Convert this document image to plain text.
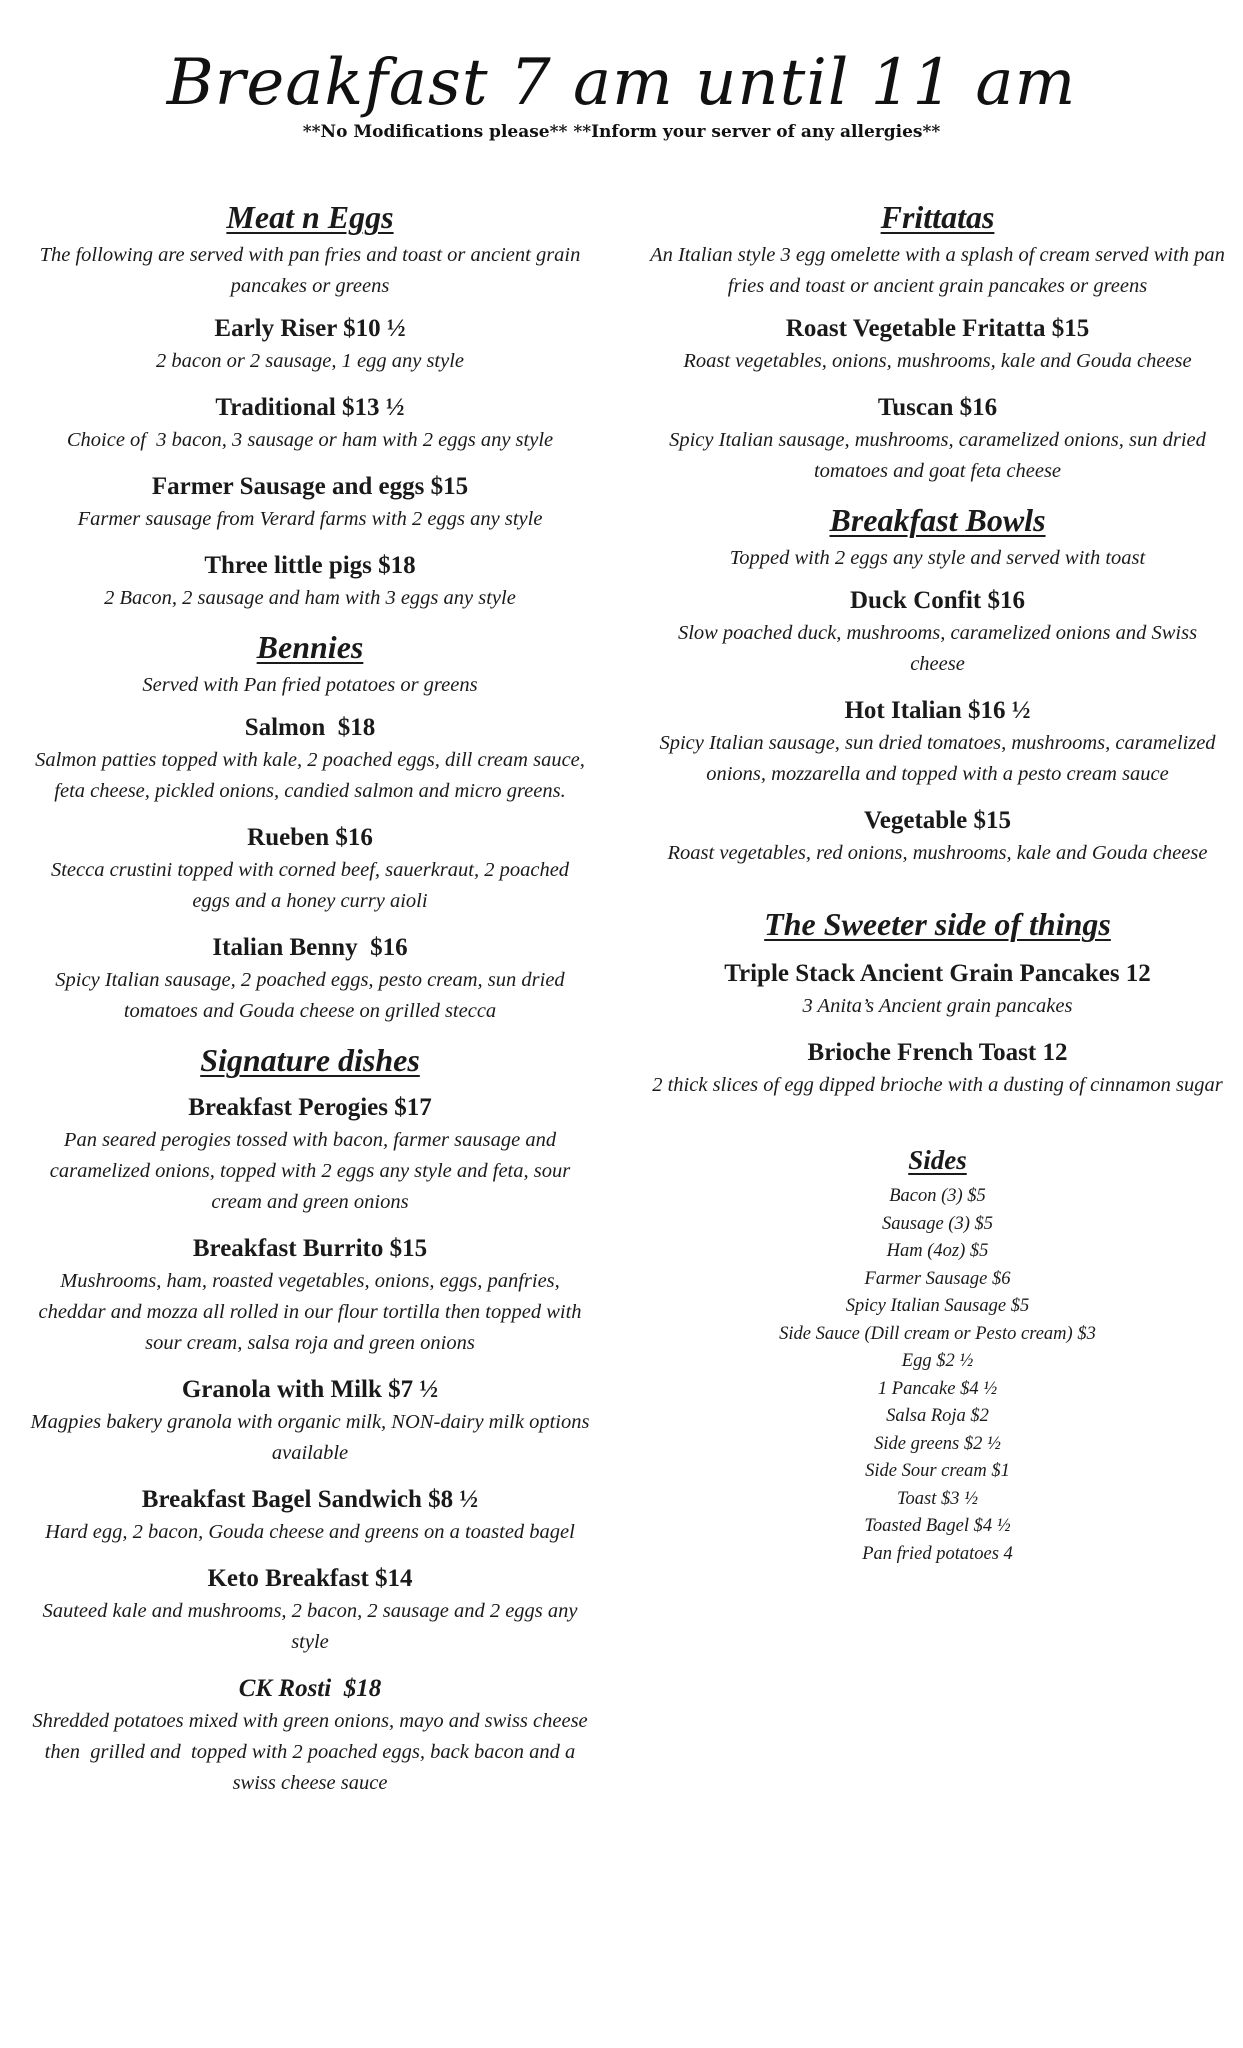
Breakfast 7 am until 11 am
**No Modifications please** **Inform your server of any allergies**
Meat n Eggs
The following are served with pan fries and toast or ancient grain pancakes or greens
Early Riser $10 ½
2 bacon or 2 sausage, 1 egg any style
Traditional $13 ½
Choice of  3 bacon, 3 sausage or ham with 2 eggs any style
Farmer Sausage and eggs $15
Farmer sausage from Verard farms with 2 eggs any style
Three little pigs $18
2 Bacon, 2 sausage and ham with 3 eggs any style
Bennies
Served with Pan fried potatoes or greens
Salmon  $18
Salmon patties topped with kale, 2 poached eggs, dill cream sauce, feta cheese, pickled onions, candied salmon and micro greens.
Rueben $16
Stecca crustini topped with corned beef, sauerkraut, 2 poached eggs and a honey curry aioli
Italian Benny  $16
Spicy Italian sausage, 2 poached eggs, pesto cream, sun dried tomatoes and Gouda cheese on grilled stecca
Signature dishes
Breakfast Perogies $17
Pan seared perogies tossed with bacon, farmer sausage and caramelized onions, topped with 2 eggs any style and feta, sour cream and green onions
Breakfast Burrito $15
Mushrooms, ham, roasted vegetables, onions, eggs, panfries, cheddar and mozza all rolled in our flour tortilla then topped with sour cream, salsa roja and green onions
Granola with Milk $7 ½
Magpies bakery granola with organic milk, NON-dairy milk options available
Breakfast Bagel Sandwich $8 ½
Hard egg, 2 bacon, Gouda cheese and greens on a toasted bagel
Keto Breakfast $14
Sauteed kale and mushrooms, 2 bacon, 2 sausage and 2 eggs any style
CK Rosti  $18
Shredded potatoes mixed with green onions, mayo and swiss cheese then  grilled and  topped with 2 poached eggs, back bacon and a swiss cheese sauce
Frittatas
An Italian style 3 egg omelette with a splash of cream served with pan fries and toast or ancient grain pancakes or greens
Roast Vegetable Fritatta $15
Roast vegetables, onions, mushrooms, kale and Gouda cheese
Tuscan $16
Spicy Italian sausage, mushrooms, caramelized onions, sun dried tomatoes and goat feta cheese
Breakfast Bowls
Topped with 2 eggs any style and served with toast
Duck Confit $16
Slow poached duck, mushrooms, caramelized onions and Swiss cheese
Hot Italian $16 ½
Spicy Italian sausage, sun dried tomatoes, mushrooms, caramelized onions, mozzarella and topped with a pesto cream sauce
Vegetable $15
Roast vegetables, red onions, mushrooms, kale and Gouda cheese
The Sweeter side of things
Triple Stack Ancient Grain Pancakes 12
3 Anita’s Ancient grain pancakes
Brioche French Toast 12
2 thick slices of egg dipped brioche with a dusting of cinnamon sugar
Sides
Bacon (3) $5
Sausage (3) $5
Ham (4oz) $5
Farmer Sausage $6
Spicy Italian Sausage $5
Side Sauce (Dill cream or Pesto cream) $3
Egg $2 ½
1 Pancake $4 ½
Salsa Roja $2
Side greens $2 ½
Side Sour cream $1
Toast $3 ½
Toasted Bagel $4 ½
Pan fried potatoes 4
